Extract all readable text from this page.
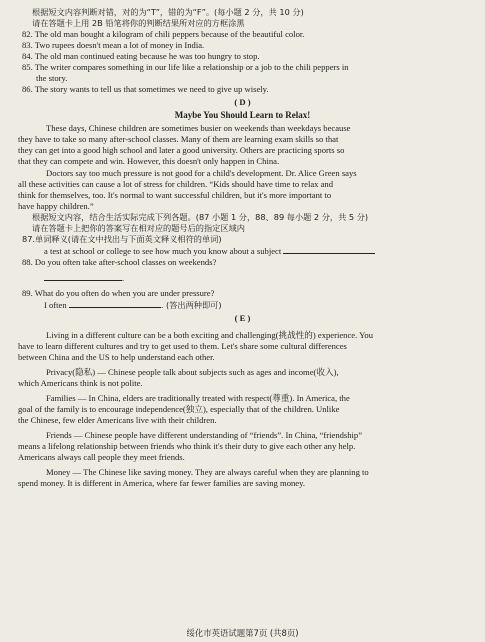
根据短文内容判断对错，对的为“T”，错的为“F”。(每小题 2 分，共 10 分)
请在答题卡上用 2B 铅笔将你的判断结果所对应的方框涂黑
82. The old man bought a kilogram of chili peppers because of the beautiful color.
83. Two rupees doesn't mean a lot of money in India.
84. The old man continued eating because he was too hungry to stop.
85. The writer compares something in our life like a relationship or a job to the chili peppers in
the story.
86. The story wants to tell us that sometimes we need to give up wisely.
( D )
Maybe You Should Learn to Relax!
These days, Chinese children are sometimes busier on weekends than weekdays because
they have to take so many after-school classes. Many of them are learning exam skills so that
they can get into a good high school and later a good university. Others are practicing sports so
that they can compete and win. However, this doesn't only happen in China.
Doctors say too much pressure is not good for a child's development. Dr. Alice Green says
all these activities can cause a lot of stress for children. “Kids should have time to relax and
think for themselves, too. It's normal to want successful children, but it's more important to
have happy children.”
根据短文内容，结合生活实际完成下列各题。(87 小题 1 分，88、89 每小题 2 分，共 5 分)
请在答题卡上把你的答案写在相对应的题号后的指定区域内
87.单词释义(请在文中找出与下面英文释义相符的单词)
a test at school or college to see how much you know about a subject
88. Do you often take after-school classes on weekends?
.
89. What do you often do when you are under pressure?
I often	. (答出两种即可)
( E )
Living in a different culture can be a both exciting and challenging(挑战性的) experience. You
have to learn different cultures and try to get used to them. Let's share some cultural differences
between China and the US to help understand each other.
Privacy(隐私) — Chinese people talk about subjects such as ages and income(收入),
which Americans think is not polite.
Families — In China, elders are traditionally treated with respect(尊重). In America, the
goal of the family is to encourage independence(独立), especially that of the children. Unlike
the Chinese, few elder Americans live with their children.
Friends — Chinese people have different understanding of “friends”. In China, “friendship”
means a lifelong relationship between friends who think it's their duty to give each other any help.
Americans always call people they meet friends.
Money — The Chinese like saving money. They are always careful when they are planning to
spend money. It is different in America, where far fewer families are saving money.
绥化市英语试题第7页 (共8页)
